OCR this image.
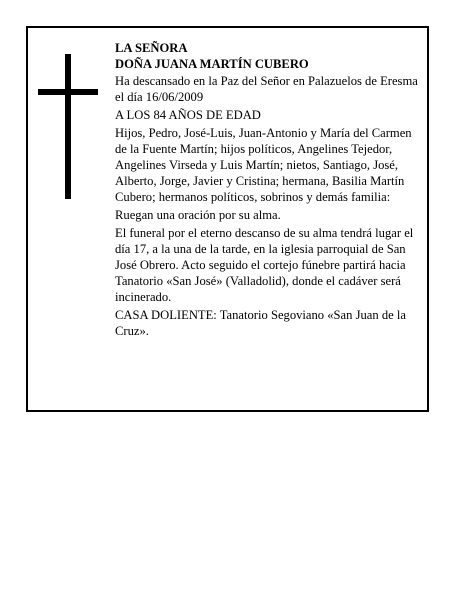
LA SEÑORA

DOÑA JUANA MARTÍN CUBERO

Ha descansado en la Paz del Señor en Palazuelos de Eresma el día 16/06/2009

A LOS 84 AÑOS DE EDAD

Hijos, Pedro, José-Luis, Juan-Antonio y María del Carmen de la Fuente Martín; hijos políticos, Angelines Tejedor, Angelines Virseda y Luis Martín; nietos, Santiago, José, Alberto, Jorge, Javier y Cristina; hermana, Basilia Martín Cubero; hermanos políticos, sobrinos y demás familia:

Ruegan una oración por su alma.

El funeral por el eterno descanso de su alma tendrá lugar el día 17, a la una de la tarde, en la iglesia parroquial de San José Obrero. Acto seguido el cortejo fúnebre partirá hacia Tanatorio «San José» (Valladolid), donde el cadáver será incinerado.

CASA DOLIENTE: Tanatorio Segoviano «San Juan de la Cruz».
